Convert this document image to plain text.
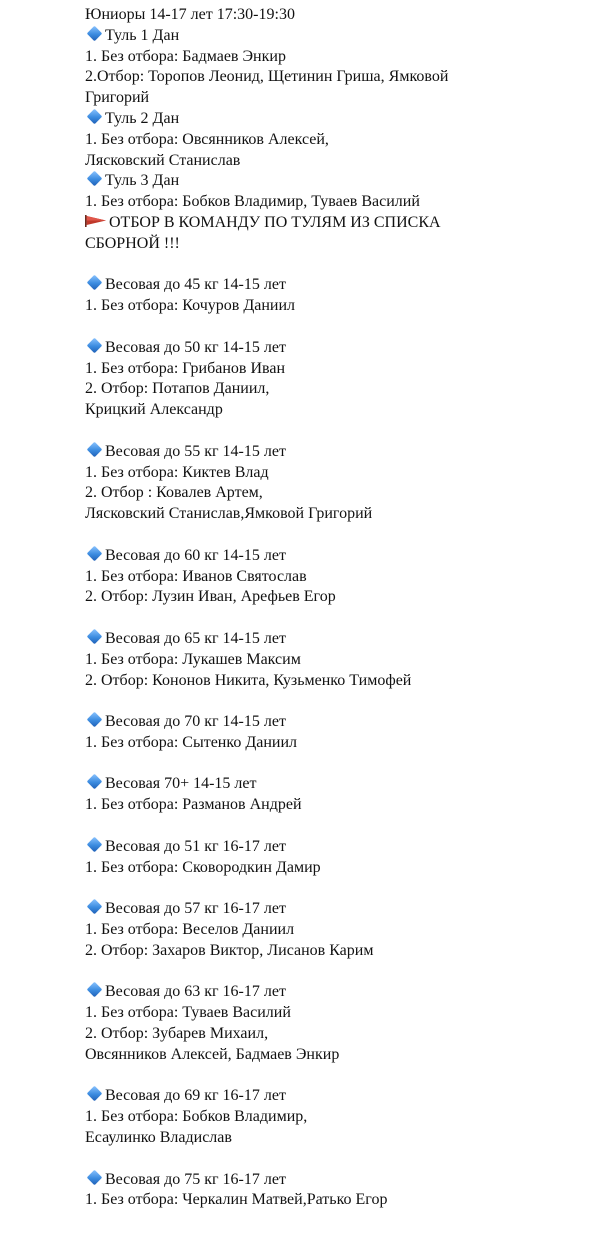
Юниоры 14-17 лет 17:30-19:30
Туль 1 Дан
1. Без отбора: Бадмаев Энкир
2.Отбор: Торопов Леонид, Щетинин Гриша, Ямковой Григорий
Туль 2 Дан
1. Без отбора: Овсянников Алексей,
Лясковский Станислав
Туль 3 Дан
1. Без отбора: Бобков Владимир, Туваев Василий
ОТБОР В КОМАНДУ ПО ТУЛЯМ ИЗ СПИСКА СБОРНОЙ !!!
Весовая до 45 кг 14-15 лет
1. Без отбора: Кочуров Даниил
Весовая до 50 кг 14-15 лет
1. Без отбора: Грибанов Иван
2. Отбор: Потапов Даниил,
Крицкий Александр
Весовая до 55 кг 14-15 лет
1. Без отбора: Киктев Влад
2. Отбор : Ковалев Артем,
Лясковский Станислав,Ямковой Григорий
Весовая до 60 кг 14-15 лет
1. Без отбора: Иванов Святослав
2. Отбор: Лузин Иван, Арефьев Егор
Весовая до 65 кг 14-15 лет
1. Без отбора: Лукашев Максим
2. Отбор: Кононов Никита, Кузьменко Тимофей
Весовая до 70 кг 14-15 лет
1. Без отбора: Сытенко Даниил
Весовая 70+ 14-15 лет
1. Без отбора: Разманов Андрей
Весовая до 51 кг 16-17 лет
1. Без отбора: Сковородкин Дамир
Весовая до 57 кг 16-17 лет
1. Без отбора: Веселов Даниил
2. Отбор: Захаров Виктор, Лисанов Карим
Весовая до 63 кг 16-17 лет
1. Без отбора: Туваев Василий
2. Отбор: Зубарев Михаил,
Овсянников Алексей, Бадмаев Энкир
Весовая до 69 кг 16-17 лет
1. Без отбора: Бобков Владимир,
Есаулинко Владислав
Весовая до 75 кг 16-17 лет
1. Без отбора: Черкалин Матвей,Ратько Егор
